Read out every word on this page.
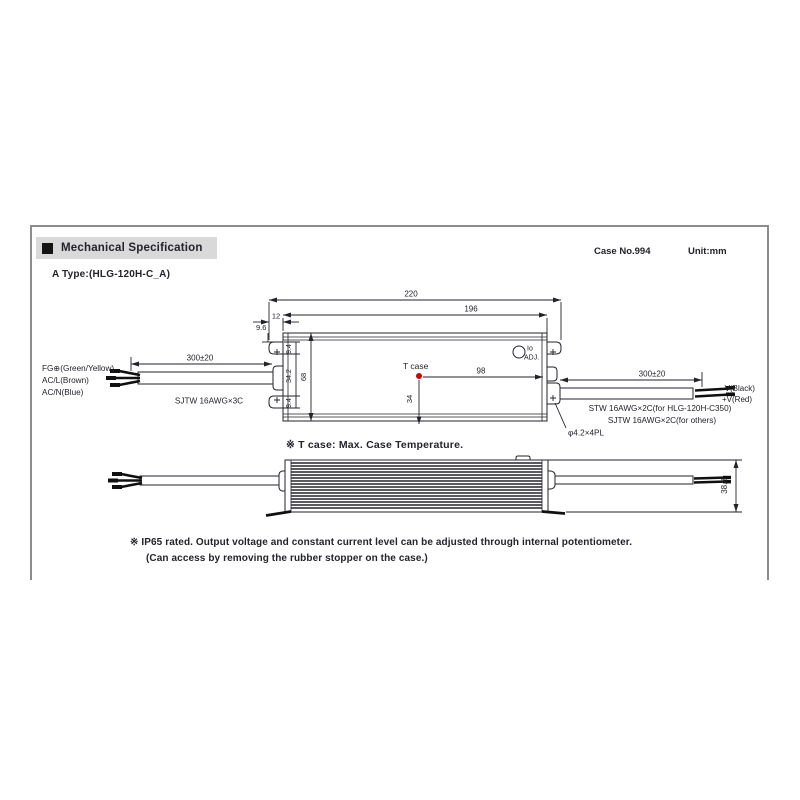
Mechanical Specification	Case No.994	Unit:mm
A Type:(HLG-120H-C_A)
Io
ADJ.
T case	98
34
220
196
12
9.6
9.4
34.2
9.4
68
300±20
300±20
FG⊕(Green/Yellow)
AC/L(Brown)
AC/N(Blue)
SJTW 16AWG×3C
-V(Black)
+V(Red)
STW 16AWG×2C(for HLG-120H-C350)
SJTW 16AWG×2C(for others)
φ4.2×4PL
※ T case: Max. Case Temperature.
38.8
※ IP65 rated. Output voltage and constant current level can be adjusted through internal potentiometer.
(Can access by removing the rubber stopper on the case.)
